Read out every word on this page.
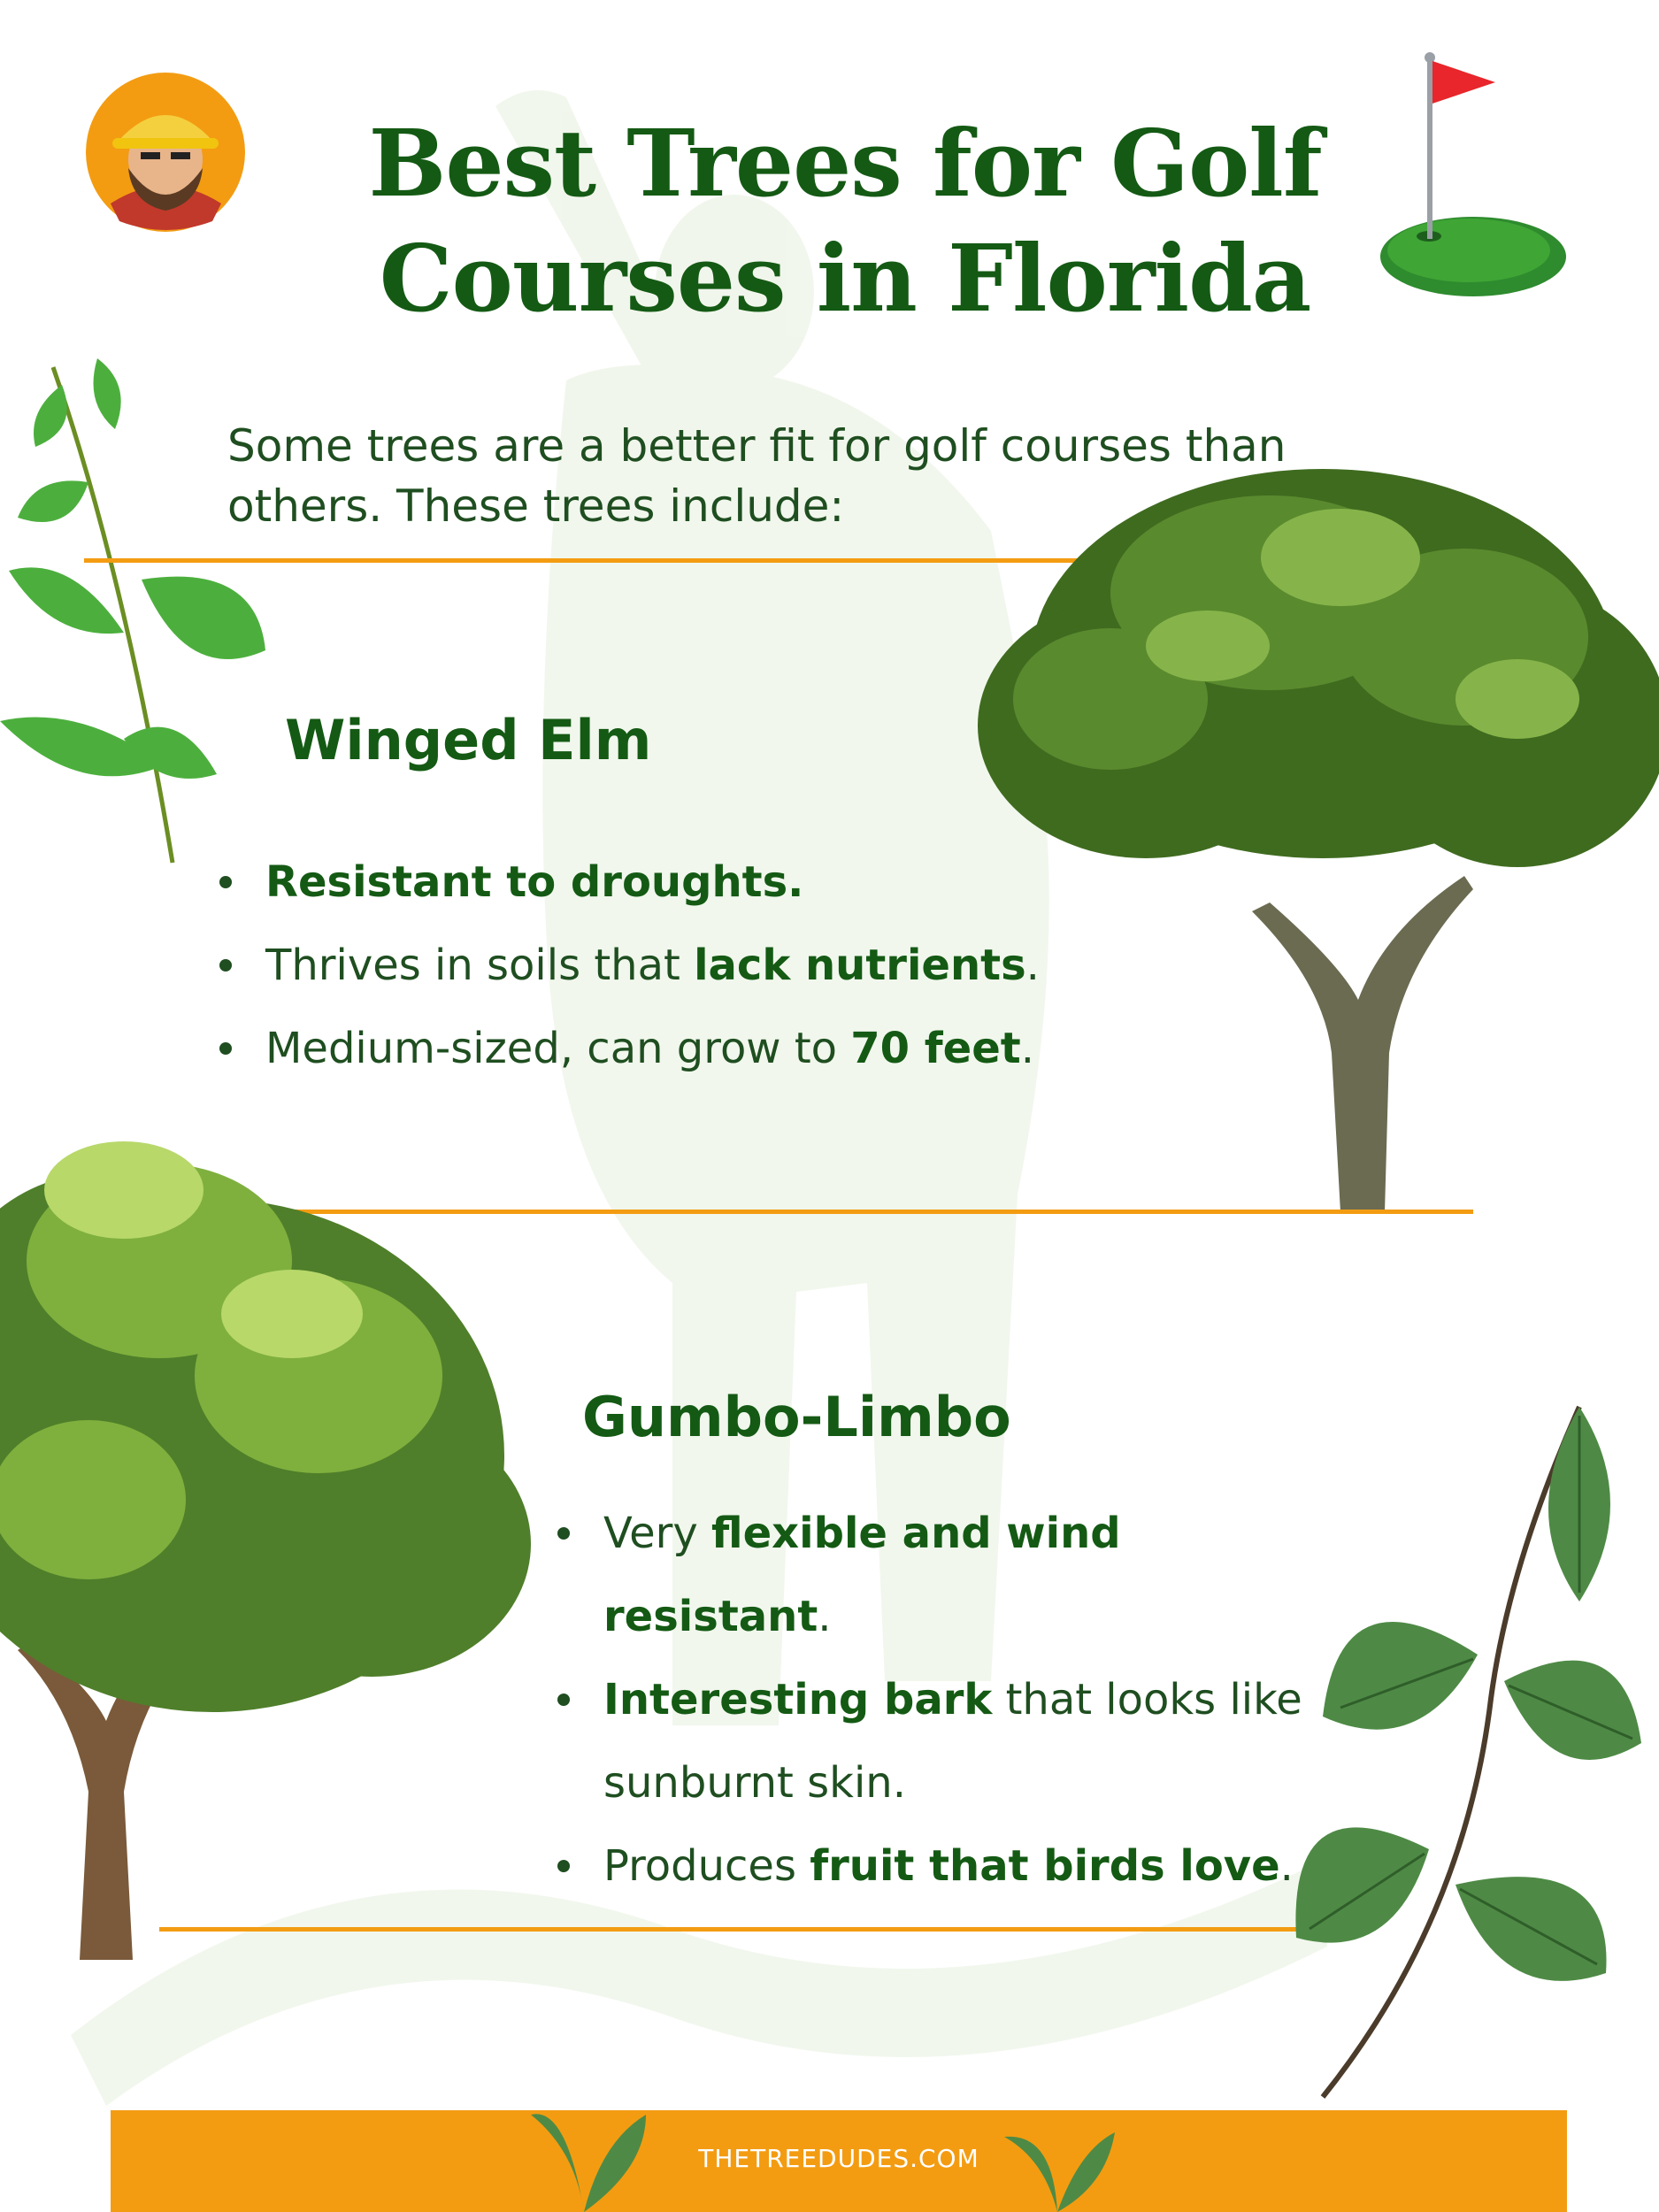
Best Trees for Golf
Courses in Florida
Some trees are a better fit for golf courses than
others. These trees include:
Winged Elm
Resistant to droughts.
Thrives in soils that lack nutrients.
Medium-sized, can grow to 70 feet.
Gumbo-Limbo
Very flexible and wind resistant.
Interesting bark that looks like sunburnt skin.
Produces fruit that birds love.
THETREEDUDES.COM
